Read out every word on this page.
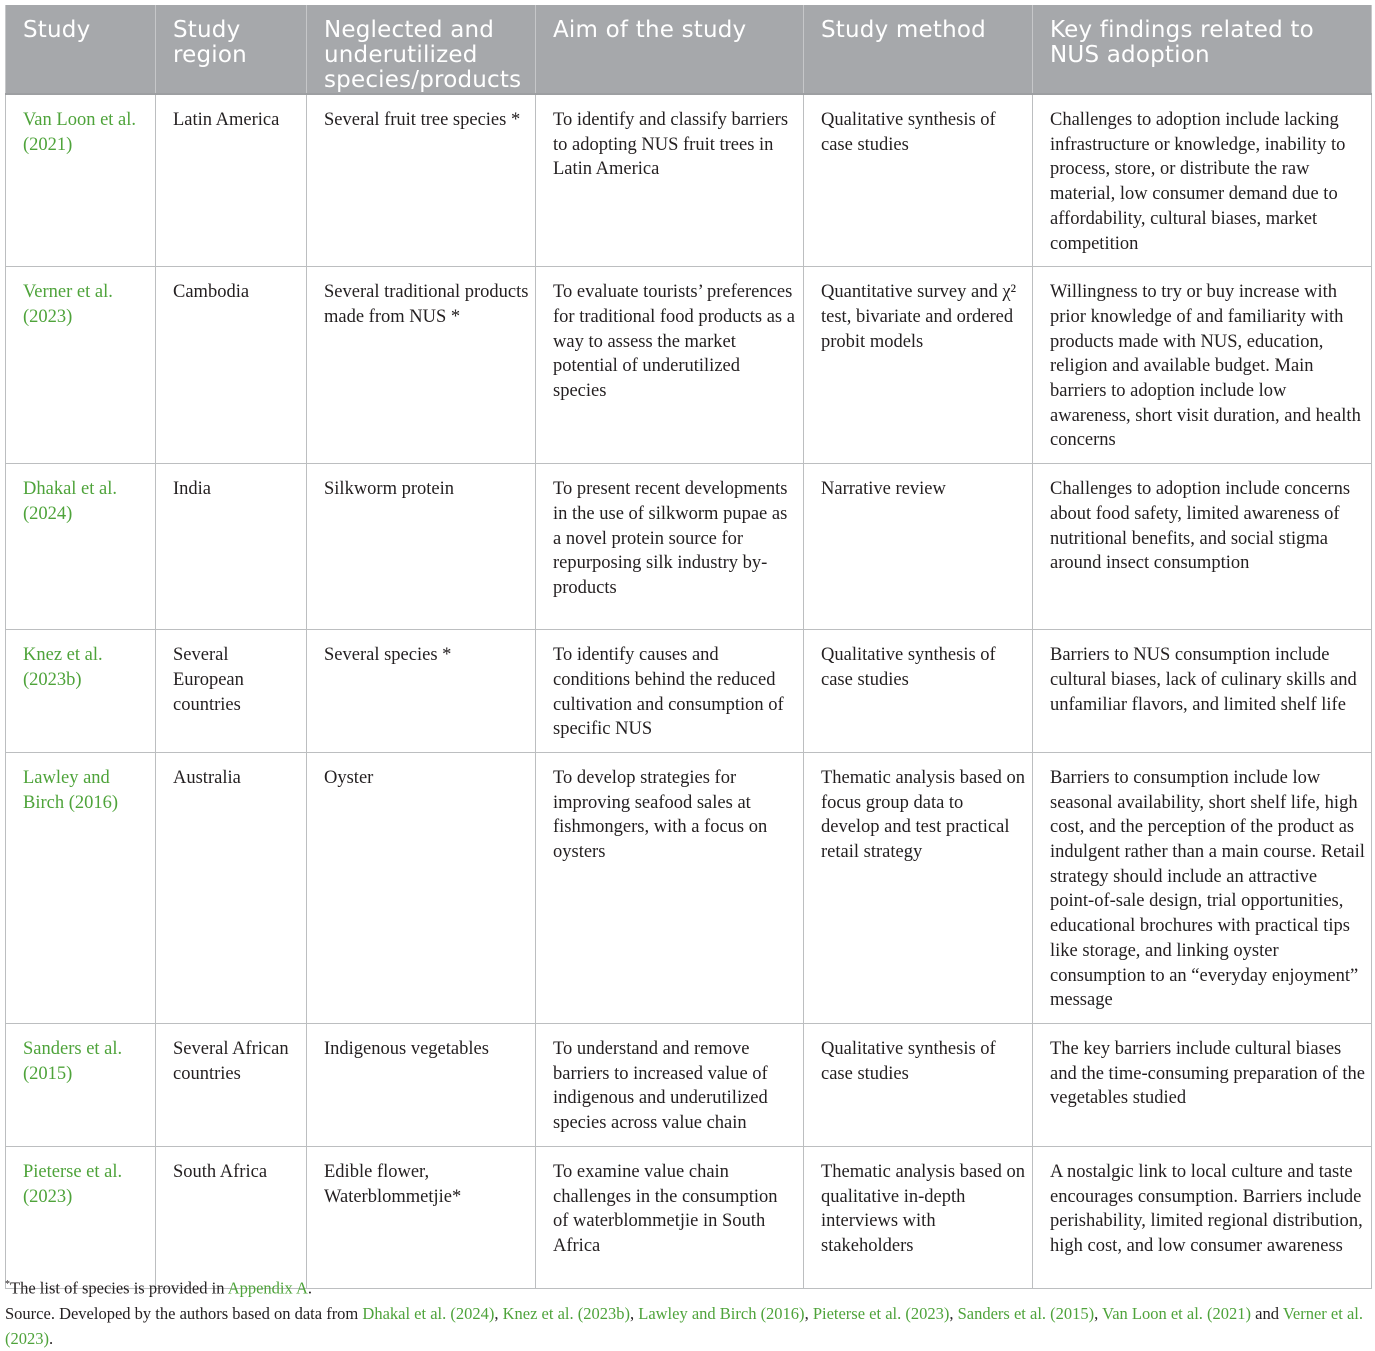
Study	Study region	Neglected and underutilized species/products	Aim of the study	Study method	Key findings related to NUS adoption
Van Loon et al. (2021)	Latin America	Several fruit tree species *	To identify and classify barriers to adopting NUS fruit trees in Latin America	Qualitative synthesis of case studies	Challenges to adoption include lacking infrastructure or knowledge, inability to process, store, or distribute the raw material, low consumer demand due to affordability, cultural biases, market competition
Verner et al. (2023)	Cambodia	Several traditional products made from NUS *	To evaluate tourists’ preferences for traditional food products as a way to assess the market potential of underutilized species	Quantitative survey and χ² test, bivariate and ordered probit models	Willingness to try or buy increase with prior knowledge of and familiarity with products made with NUS, education, religion and available budget. Main barriers to adoption include low awareness, short visit duration, and health concerns
Dhakal et al. (2024)	India	Silkworm protein	To present recent developments in the use of silkworm pupae as a novel protein source for repurposing silk industry by-products	Narrative review	Challenges to adoption include concerns about food safety, limited awareness of nutritional benefits, and social stigma around insect consumption
Knez et al. (2023b)	Several European countries	Several species *	To identify causes and conditions behind the reduced cultivation and consumption of specific NUS	Qualitative synthesis of case studies	Barriers to NUS consumption include cultural biases, lack of culinary skills and unfamiliar flavors, and limited shelf life
Lawley and Birch (2016)	Australia	Oyster	To develop strategies for improving seafood sales at fishmongers, with a focus on oysters	Thematic analysis based on focus group data to develop and test practical retail strategy	Barriers to consumption include low seasonal availability, short shelf life, high cost, and the perception of the product as indulgent rather than a main course. Retail strategy should include an attractive point-of-sale design, trial opportunities, educational brochures with practical tips like storage, and linking oyster consumption to an “everyday enjoyment” message
Sanders et al. (2015)	Several African countries	Indigenous vegetables	To understand and remove barriers to increased value of indigenous and underutilized species across value chain	Qualitative synthesis of case studies	The key barriers include cultural biases and the time-consuming preparation of the vegetables studied
Pieterse et al. (2023)	South Africa	Edible flower, Waterblommetjie*	To examine value chain challenges in the consumption of waterblommetjie in South Africa	Thematic analysis based on qualitative in-depth interviews with stakeholders	A nostalgic link to local culture and taste encourages consumption. Barriers include perishability, limited regional distribution, high cost, and low consumer awareness
*The list of species is provided in Appendix A.
Source. Developed by the authors based on data from Dhakal et al. (2024), Knez et al. (2023b), Lawley and Birch (2016), Pieterse et al. (2023), Sanders et al. (2015), Van Loon et al. (2021) and Verner et al. (2023).
